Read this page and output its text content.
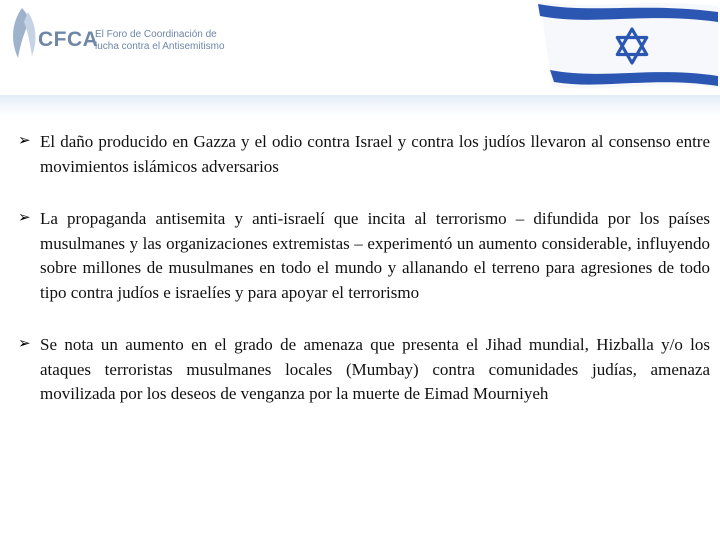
CFCA
El Foro de Coordinación de
lucha contra el Antisemitismo
➢ El daño producido en Gazza y el odio contra Israel y contra los judíos llevaron al consenso entre movimientos islámicos adversarios
➢ La propaganda antisemita y anti-israelí que incita al terrorismo – difundida por los países musulmanes y las organizaciones extremistas – experimentó un aumento considerable, influyendo sobre millones de musulmanes en todo el mundo y allanando el terreno para agresiones de todo tipo contra judíos e israelíes y para apoyar el terrorismo
➢ Se nota un aumento en el grado de amenaza que presenta el Jihad mundial, Hizballa y/o los ataques terroristas musulmanes locales (Mumbay) contra comunidades judías, amenaza movilizada por los deseos de venganza por la muerte de Eimad Mourniyeh
